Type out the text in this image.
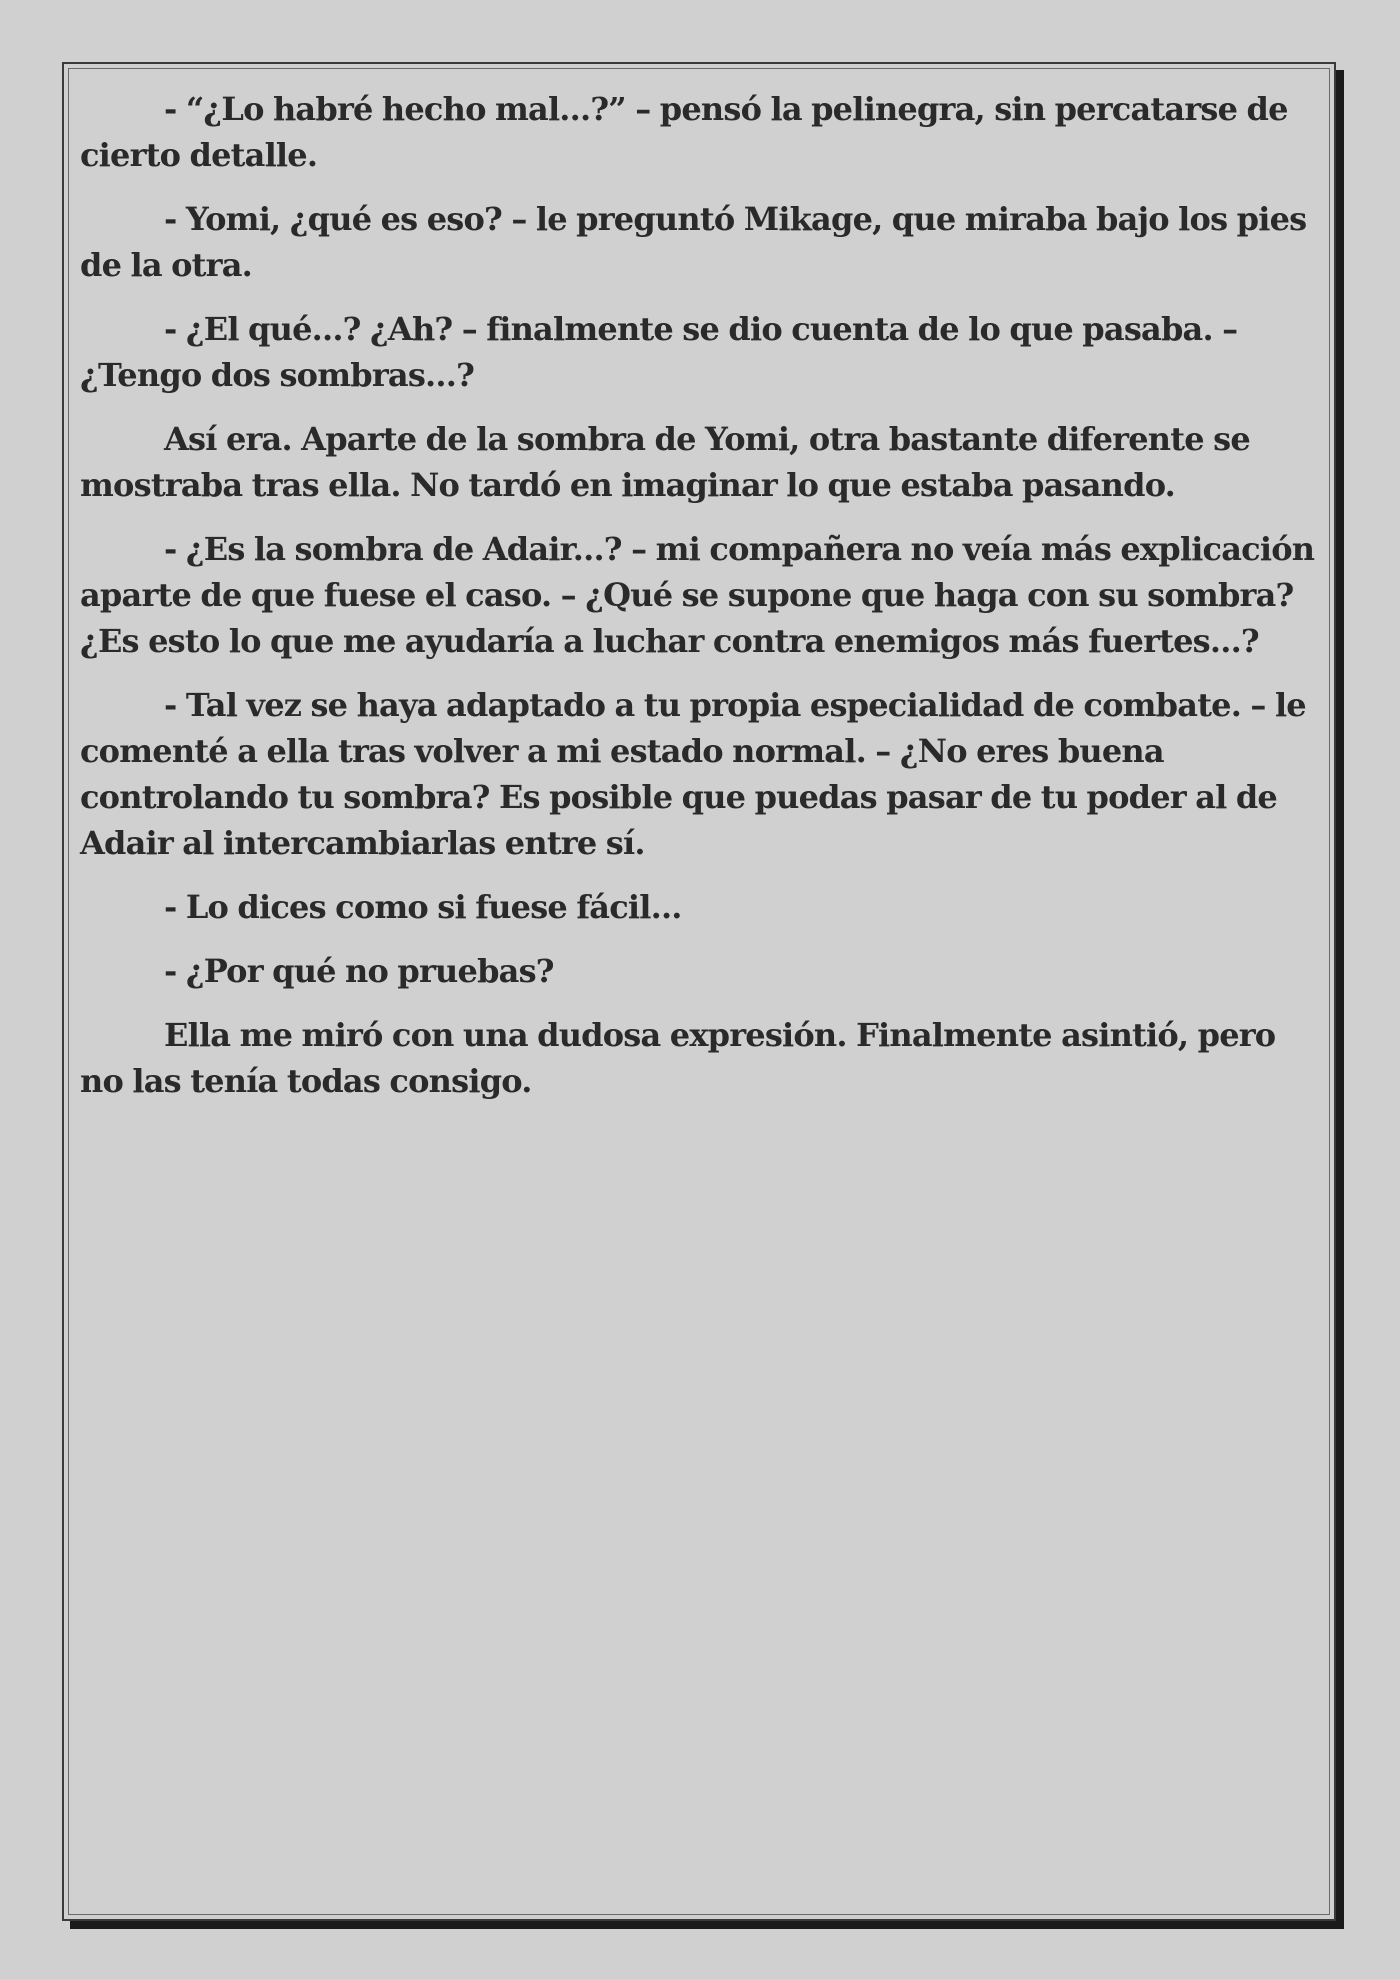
- “¿Lo habré hecho mal...?” – pensó la pelinegra, sin percatarse de cierto detalle.

- Yomi, ¿qué es eso? – le preguntó Mikage, que miraba bajo los pies de la otra.

- ¿El qué...? ¿Ah? – finalmente se dio cuenta de lo que pasaba. – ¿Tengo dos sombras...?

Así era. Aparte de la sombra de Yomi, otra bastante diferente se mostraba tras ella. No tardó en imaginar lo que estaba pasando.

- ¿Es la sombra de Adair...? – mi compañera no veía más explicación aparte de que fuese el caso. – ¿Qué se supone que haga con su sombra? ¿Es esto lo que me ayudaría a luchar contra enemigos más fuertes...?

- Tal vez se haya adaptado a tu propia especialidad de combate. – le comenté a ella tras volver a mi estado normal. – ¿No eres buena controlando tu sombra? Es posible que puedas pasar de tu poder al de Adair al intercambiarlas entre sí.

- Lo dices como si fuese fácil...

- ¿Por qué no pruebas?

Ella me miró con una dudosa expresión. Finalmente asintió, pero no las tenía todas consigo.
